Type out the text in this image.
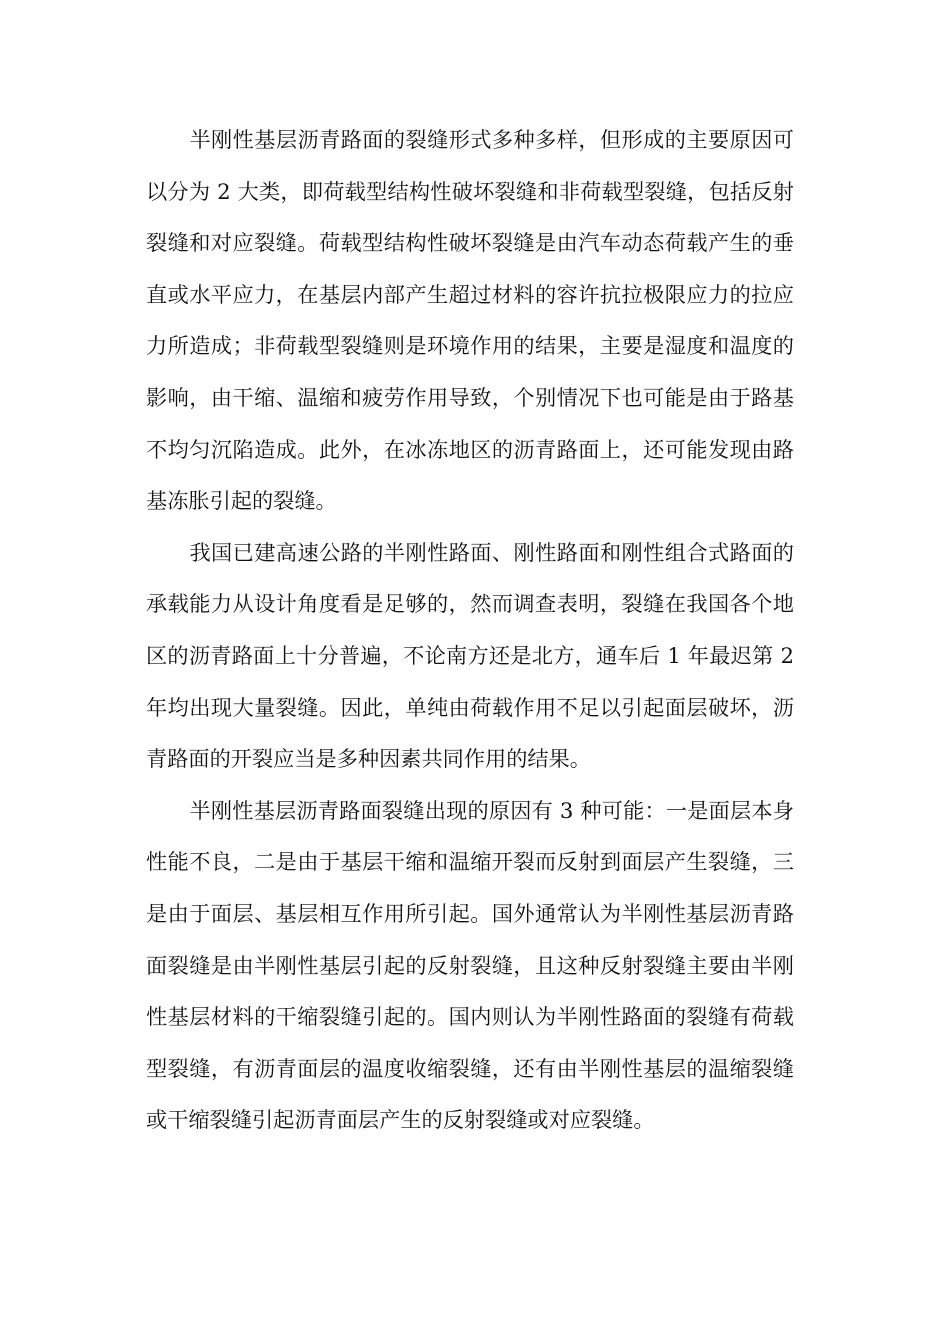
半刚性基层沥青路面的裂缝形式多种多样，但形成的主要原因可以分为 2 大类，即荷载型结构性破坏裂缝和非荷载型裂缝，包括反射裂缝和对应裂缝。荷载型结构性破坏裂缝是由汽车动态荷载产生的垂直或水平应力，在基层内部产生超过材料的容许抗拉极限应力的拉应力所造成；非荷载型裂缝则是环境作用的结果，主要是湿度和温度的影响，由干缩、温缩和疲劳作用导致，个别情况下也可能是由于路基不均匀沉陷造成。此外，在冰冻地区的沥青路面上，还可能发现由路基冻胀引起的裂缝。

我国已建高速公路的半刚性路面、刚性路面和刚性组合式路面的承载能力从设计角度看是足够的，然而调查表明，裂缝在我国各个地区的沥青路面上十分普遍，不论南方还是北方，通车后 1 年最迟第 2 年均出现大量裂缝。因此，单纯由荷载作用不足以引起面层破坏，沥青路面的开裂应当是多种因素共同作用的结果。

半刚性基层沥青路面裂缝出现的原因有 3 种可能：一是面层本身性能不良，二是由于基层干缩和温缩开裂而反射到面层产生裂缝，三是由于面层、基层相互作用所引起。国外通常认为半刚性基层沥青路面裂缝是由半刚性基层引起的反射裂缝，且这种反射裂缝主要由半刚性基层材料的干缩裂缝引起的。国内则认为半刚性路面的裂缝有荷载型裂缝，有沥青面层的温度收缩裂缝，还有由半刚性基层的温缩裂缝或干缩裂缝引起沥青面层产生的反射裂缝或对应裂缝。
